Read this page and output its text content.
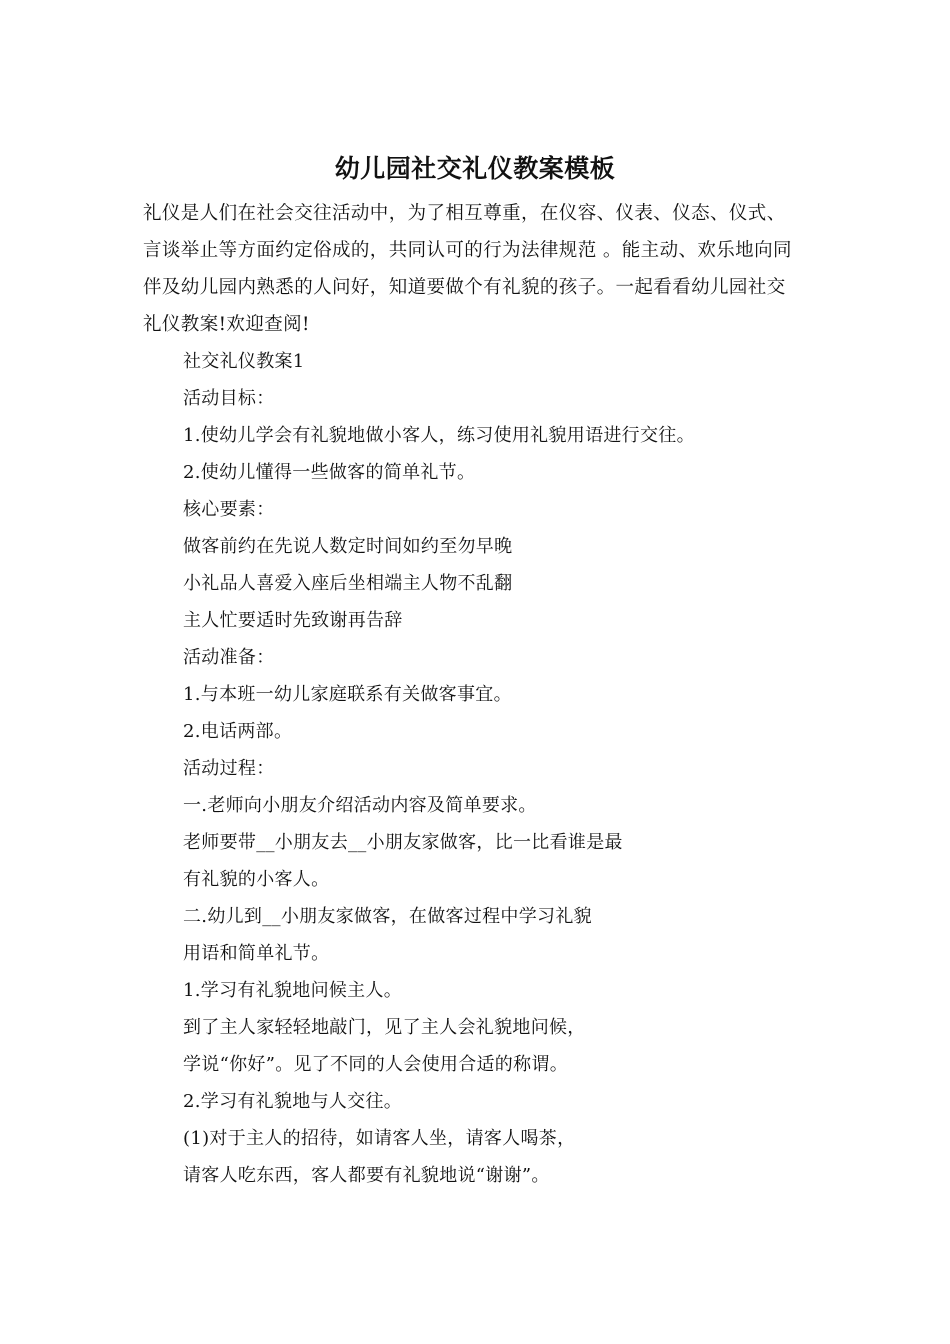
幼儿园社交礼仪教案模板
礼仪是人们在社会交往活动中，为了相互尊重，在仪容、仪表、仪态、仪式、
言谈举止等方面约定俗成的，共同认可的行为法律规范 。能主动、欢乐地向同
伴及幼儿园内熟悉的人问好，知道要做个有礼貌的孩子。一起看看幼儿园社交
礼仪教案!欢迎查阅!
社交礼仪教案1
活动目标：
1.使幼儿学会有礼貌地做小客人，练习使用礼貌用语进行交往。
2.使幼儿懂得一些做客的简单礼节。
核心要素：
做客前约在先说人数定时间如约至勿早晚
小礼品人喜爱入座后坐相端主人物不乱翻
主人忙要适时先致谢再告辞
活动准备：
1.与本班一幼儿家庭联系有关做客事宜。
2.电话两部。
活动过程：
一.老师向小朋友介绍活动内容及简单要求。
老师要带__小朋友去__小朋友家做客，比一比看谁是最
有礼貌的小客人。
二.幼儿到__小朋友家做客，在做客过程中学习礼貌
用语和简单礼节。
1.学习有礼貌地问候主人。
到了主人家轻轻地敲门，见了主人会礼貌地问候，
学说“你好”。见了不同的人会使用合适的称谓。
2.学习有礼貌地与人交往。
(1)对于主人的招待，如请客人坐，请客人喝茶，
请客人吃东西，客人都要有礼貌地说“谢谢”。
